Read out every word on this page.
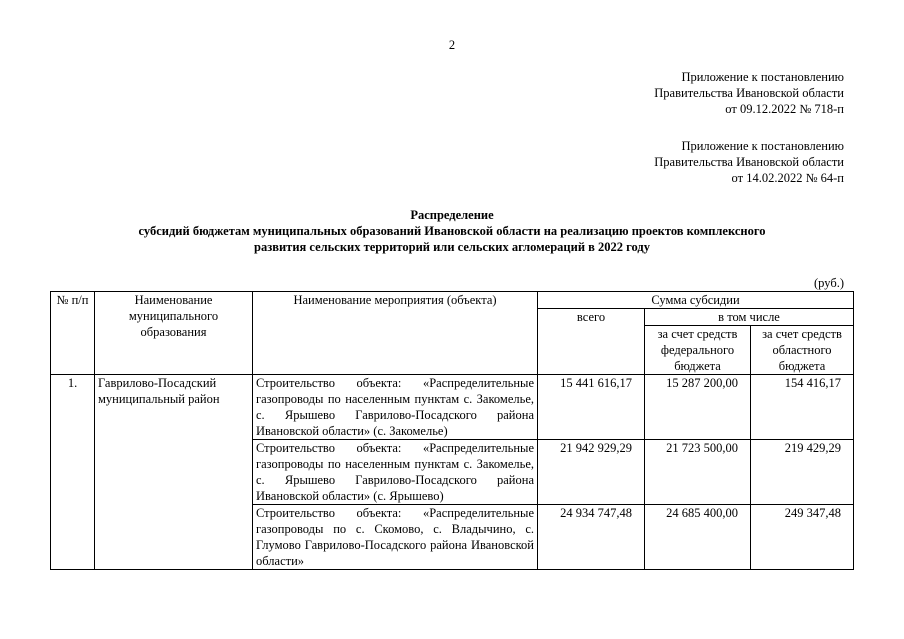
2
Приложение к постановлению
Правительства Ивановской области
от 09.12.2022 № 718-п
Приложение к постановлению
Правительства Ивановской области
от 14.02.2022 № 64-п
Распределение
субсидий бюджетам муниципальных образований Ивановской области на реализацию проектов комплексного
развития сельских территорий или сельских агломераций в 2022 году
(руб.)
№ п/п	Наименование муниципального образования	Наименование мероприятия (объекта)	Сумма субсидии		
			всего	в том числе	
				за счет средств федерального бюджета	за счет средств областного бюджета
1.	Гаврилово-Посадский муниципальный район	Строительство объекта: «Распределительные газопроводы по населенным пунктам с. Закомелье, с. Ярышево Гаврилово-Посадского района Ивановской области» (с. Закомелье)	15 441 616,17	15 287 200,00	154 416,17
		Строительство объекта: «Распределительные газопроводы по населенным пунктам с. Закомелье, с. Ярышево Гаврилово-Посадского района Ивановской области» (с. Ярышево)	21 942 929,29	21 723 500,00	219 429,29
		Строительство объекта: «Распределительные газопроводы по с. Скомово, с. Владычино, с. Глумово Гаврилово-Посадского района Ивановской области»	24 934 747,48	24 685 400,00	249 347,48
